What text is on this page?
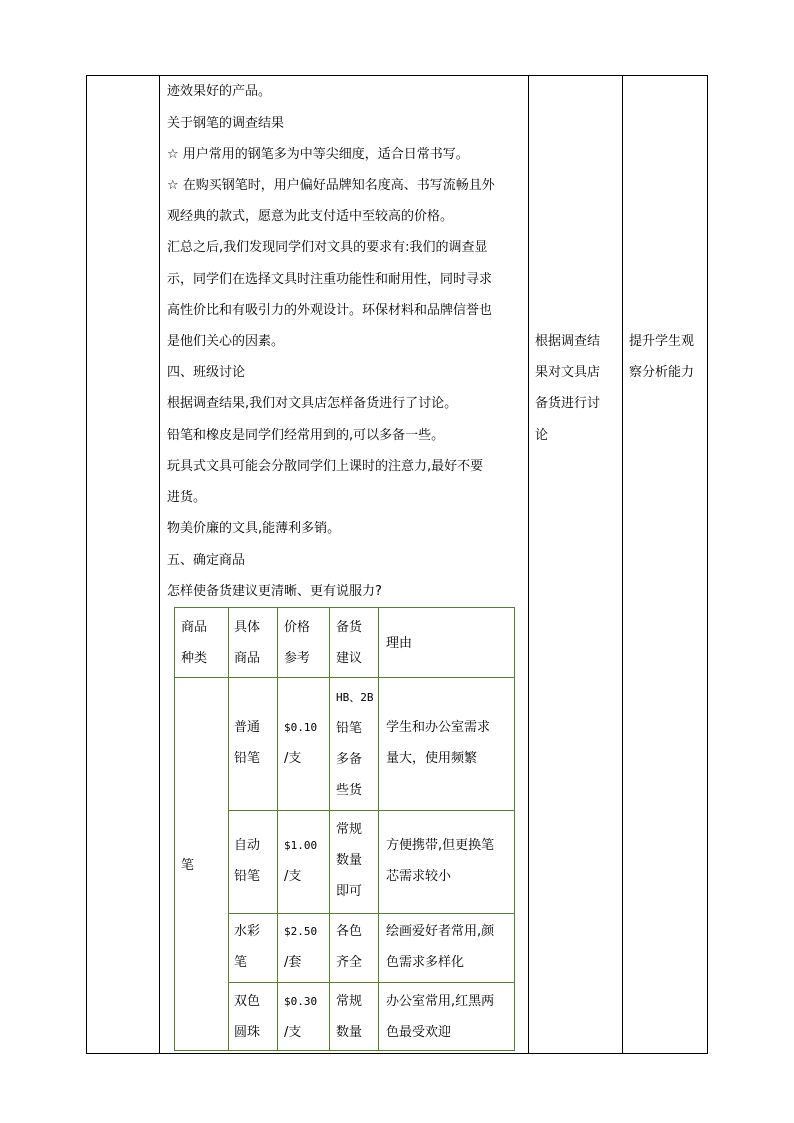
迹效果好的产品。
关于钢笔的调查结果
☆ 用户常用的钢笔多为中等尖细度，适合日常书写。
☆ 在购买钢笔时，用户偏好品牌知名度高、书写流畅且外
观经典的款式，愿意为此支付适中至较高的价格。
汇总之后,我们发现同学们对文具的要求有:我们的调查显
示，同学们在选择文具时注重功能性和耐用性，同时寻求
高性价比和有吸引力的外观设计。环保材料和品牌信誉也
是他们关心的因素。
四、班级讨论
根据调查结果,我们对文具店怎样备货进行了讨论。
铅笔和橡皮是同学们经常用到的,可以多备一些。
玩具式文具可能会分散同学们上课时的注意力,最好不要
进货。
物美价廉的文具,能薄利多销。
五、确定商品
怎样使备货建议更清晰、更有说服力?
根据调查结
果对文具店
备货进行讨
论
提升学生观
察分析能力
商品
种类
具体
商品
价格
参考
备货
建议
理由
笔
普通
铅笔
$0.10
/支
HB、2B
铅笔
多备
些货
学生和办公室需求
量大，使用频繁
自动
铅笔
$1.00
/支
常规
数量
即可
方便携带,但更换笔
芯需求较小
水彩
笔
$2.50
/套
各色
齐全
绘画爱好者常用,颜
色需求多样化
双色
圆珠
$0.30
/支
常规
数量
办公室常用,红黑两
色最受欢迎
